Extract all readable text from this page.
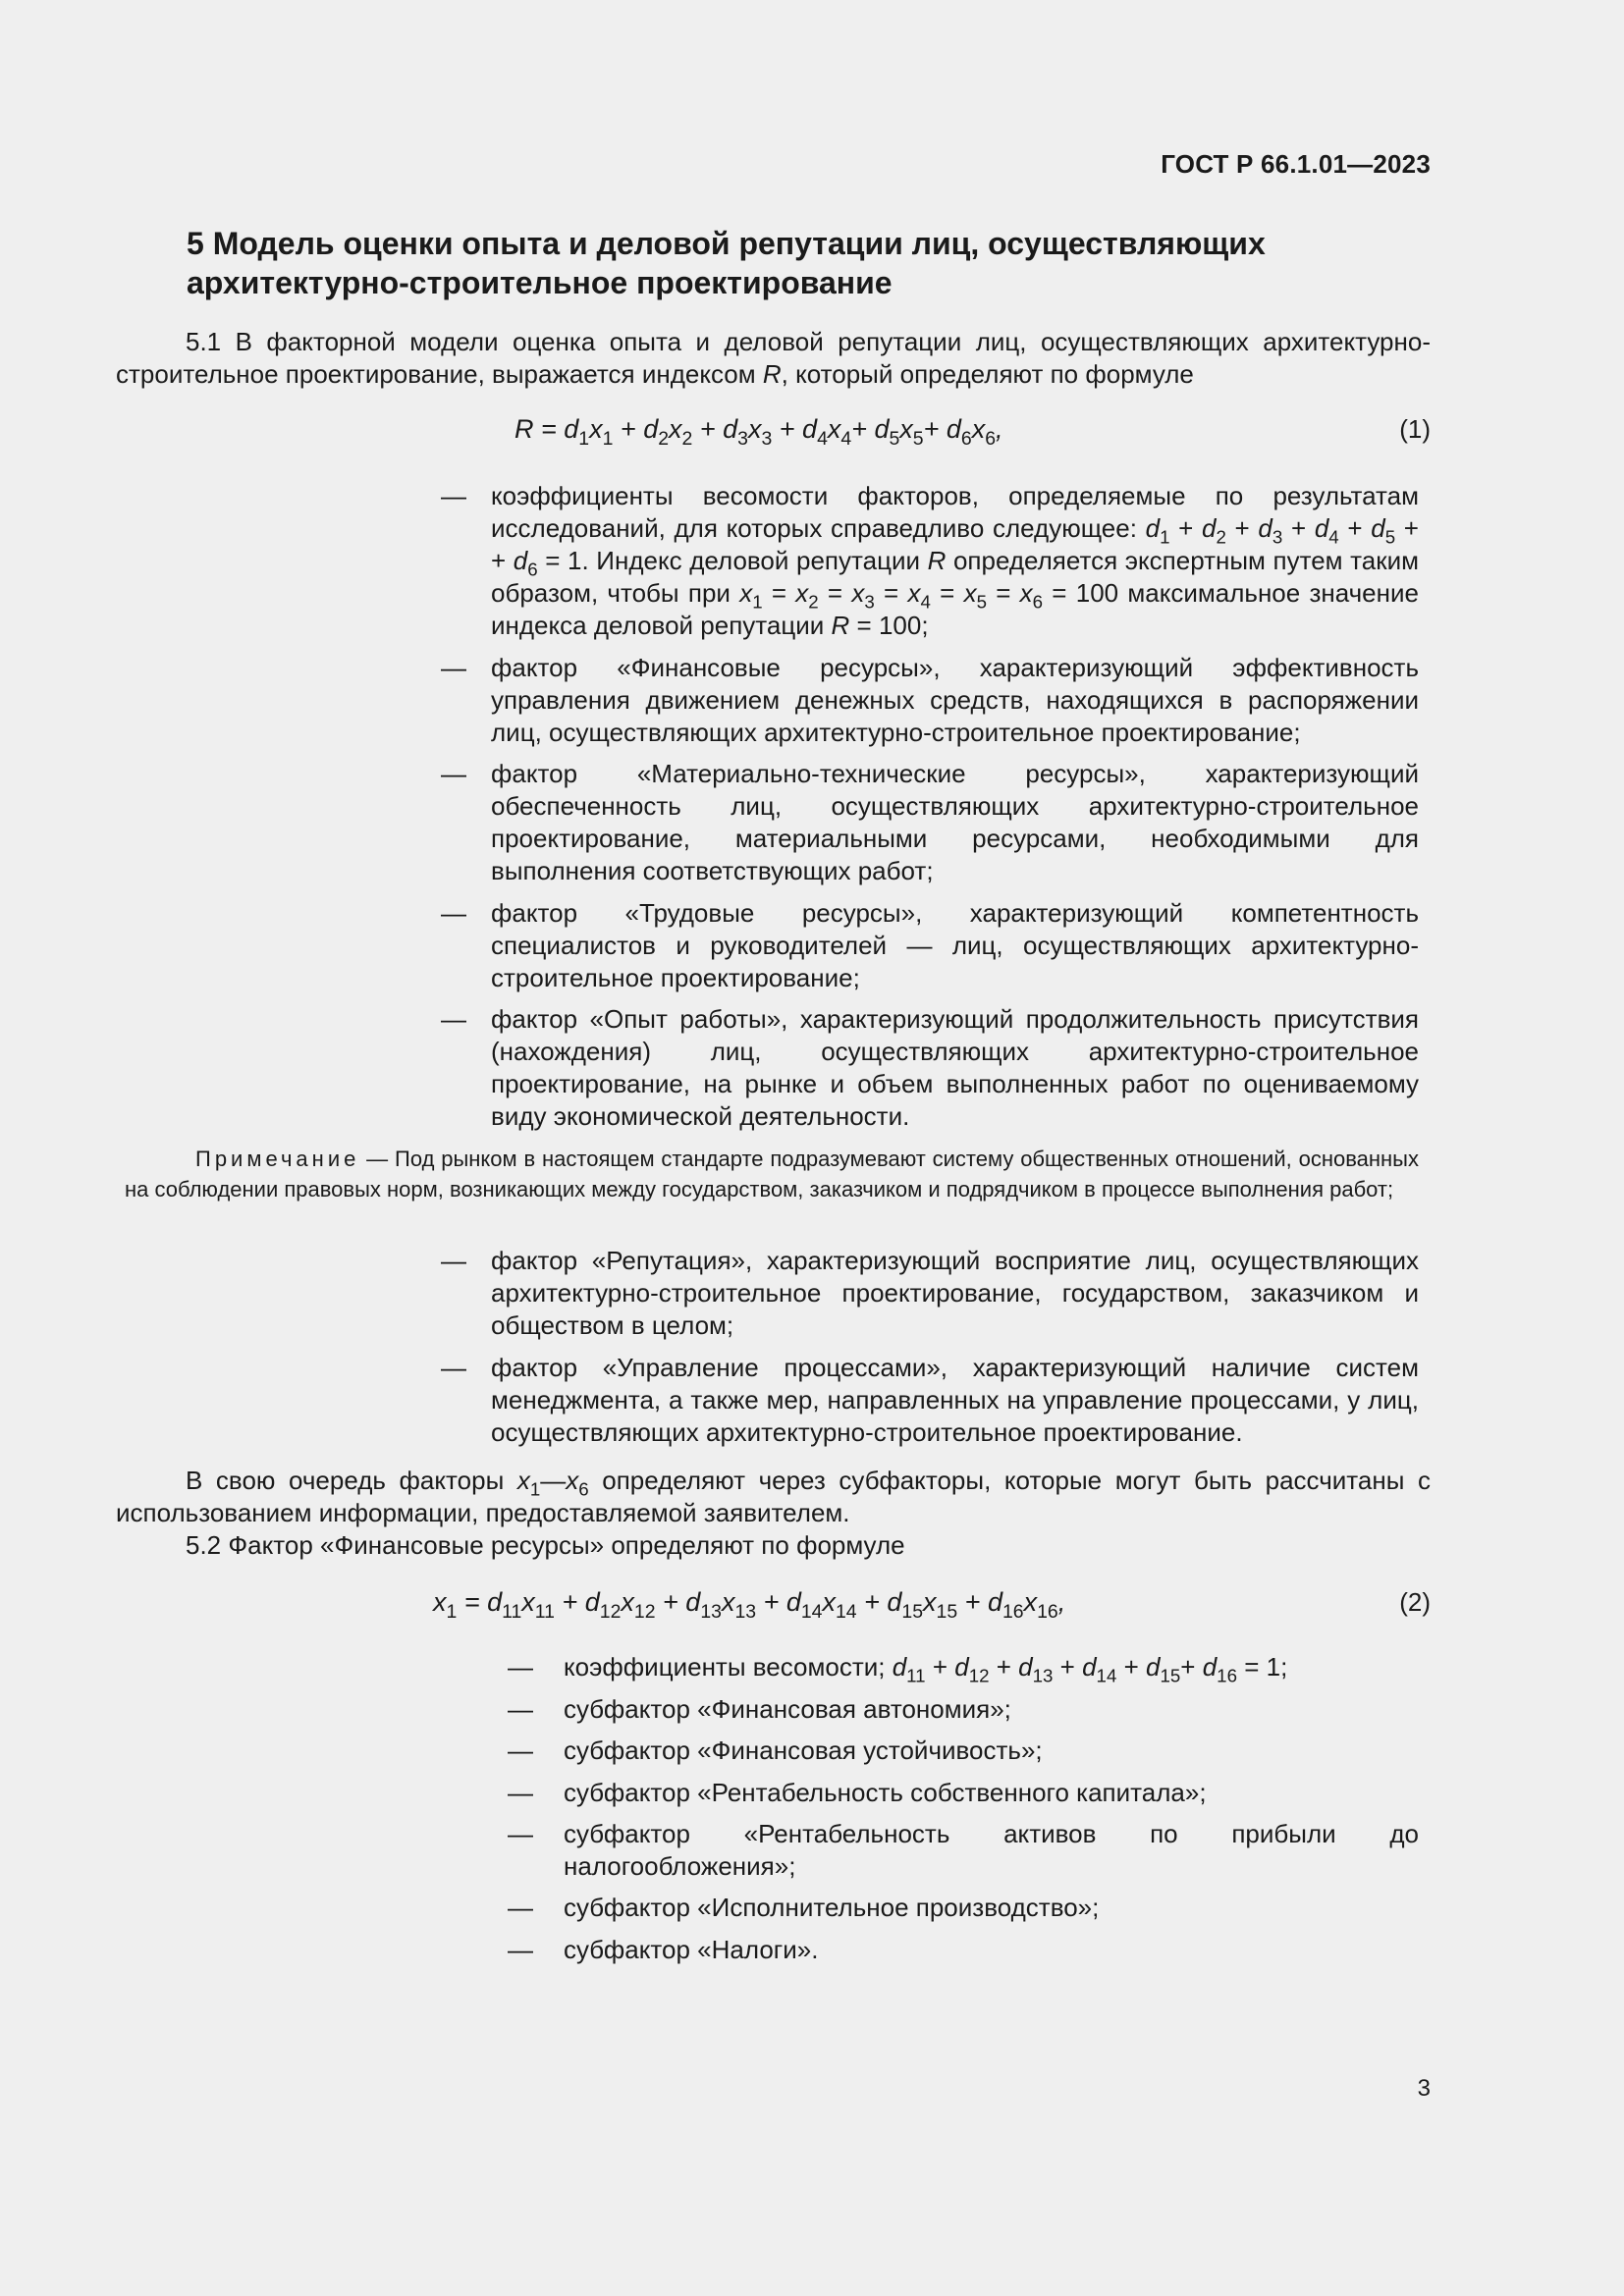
ГОСТ Р 66.1.01—2023
5 Модель оценки опыта и деловой репутации лиц, осуществляющих
архитектурно-строительное проектирование
5.1 В факторной модели оценка опыта и деловой репутации лиц, осуществляющих архитектурно-строительное проектирование, выражается индексом R, который определяют по формуле
$R = d_1x_1 + d_2x_2 + d_3x_3 + d_4x_4+ d_5x_5+ d_6x_6$,	(1)
— коэффициенты весомости факторов, определяемые по результатам исследований, для которых справедливо следующее: $d_1 + d_2 + d_3 + d_4 + d_5$ + + $d_6 = 1$. Индекс деловой репутации R определяется экспертным путем таким образом, чтобы при $x_1 = x_2 = x_3 = x_4 = x_5 = x_6 = 100$ максимальное значение индекса деловой репутации R = 100;
— фактор «Финансовые ресурсы», характеризующий эффективность управления движением денежных средств, находящихся в распоряжении лиц, осуществляющих архитектурно-строительное проектирование;
— фактор «Материально-технические ресурсы», характеризующий обеспеченность лиц, осуществляющих архитектурно-строительное проектирование, материальными ресурсами, необходимыми для выполнения соответствующих работ;
— фактор «Трудовые ресурсы», характеризующий компетентность специалистов и руководителей — лиц, осуществляющих архитектурно-строительное проектирование;
— фактор «Опыт работы», характеризующий продолжительность присутствия (нахождения) лиц, осуществляющих архитектурно-строительное проектирование, на рынке и объем выполненных работ по оцениваемому виду экономической деятельности.
Примечание — Под рынком в настоящем стандарте подразумевают систему общественных отношений, основанных на соблюдении правовых норм, возникающих между государством, заказчиком и подрядчиком в процессе выполнения работ;
— фактор «Репутация», характеризующий восприятие лиц, осуществляющих архитектурно-строительное проектирование, государством, заказчиком и обществом в целом;
— фактор «Управление процессами», характеризующий наличие систем менеджмента, а также мер, направленных на управление процессами, у лиц, осуществляющих архитектурно-строительное проектирование.
В свою очередь факторы $x_1—x_6$ определяют через субфакторы, которые могут быть рассчитаны с использованием информации, предоставляемой заявителем.
5.2 Фактор «Финансовые ресурсы» определяют по формуле
$x_1 = d_{11}x_{11} + d_{12}x_{12} + d_{13}x_{13} + d_{14}x_{14} + d_{15}x_{15} + d_{16}x_{16}$,	(2)
— коэффициенты весомости; $d_{11} + d_{12} + d_{13} + d_{14} + d_{15}+ d_{16} = 1$;
— субфактор «Финансовая автономия»;
— субфактор «Финансовая устойчивость»;
— субфактор «Рентабельность собственного капитала»;
— субфактор «Рентабельность активов по прибыли до налогообложения»;
— субфактор «Исполнительное производство»;
— субфактор «Налоги».
3
